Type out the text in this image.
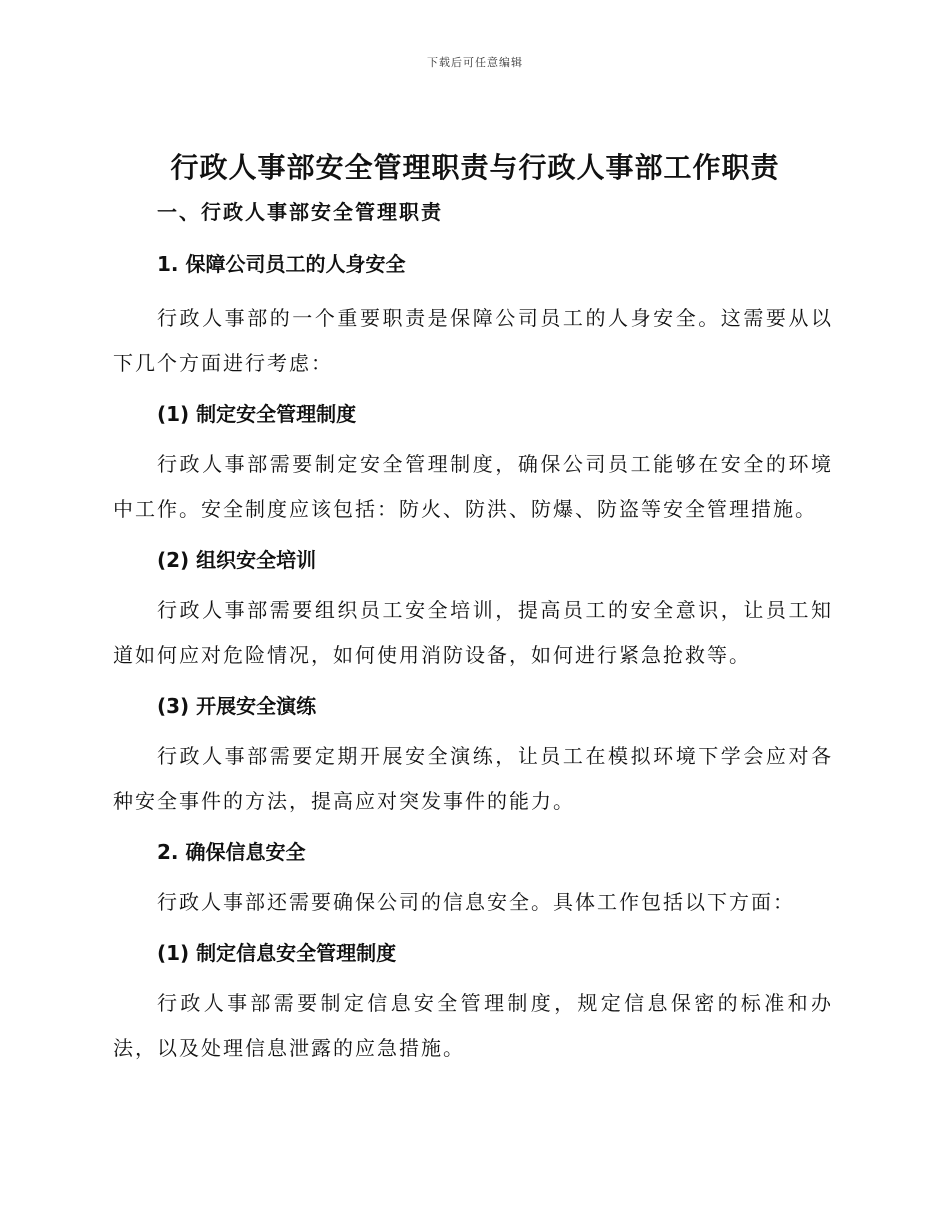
下载后可任意编辑
行政人事部安全管理职责与行政人事部工作职责
一、行政人事部安全管理职责
1. 保障公司员工的人身安全

行政人事部的一个重要职责是保障公司员工的人身安全。这需要从以下几个方面进行考虑：

(1) 制定安全管理制度

行政人事部需要制定安全管理制度，确保公司员工能够在安全的环境中工作。安全制度应该包括：防火、防洪、防爆、防盗等安全管理措施。

(2) 组织安全培训

行政人事部需要组织员工安全培训，提高员工的安全意识，让员工知道如何应对危险情况，如何使用消防设备，如何进行紧急抢救等。

(3) 开展安全演练

行政人事部需要定期开展安全演练，让员工在模拟环境下学会应对各种安全事件的方法，提高应对突发事件的能力。

2. 确保信息安全

行政人事部还需要确保公司的信息安全。具体工作包括以下方面：

(1) 制定信息安全管理制度

行政人事部需要制定信息安全管理制度，规定信息保密的标准和办法，以及处理信息泄露的应急措施。
